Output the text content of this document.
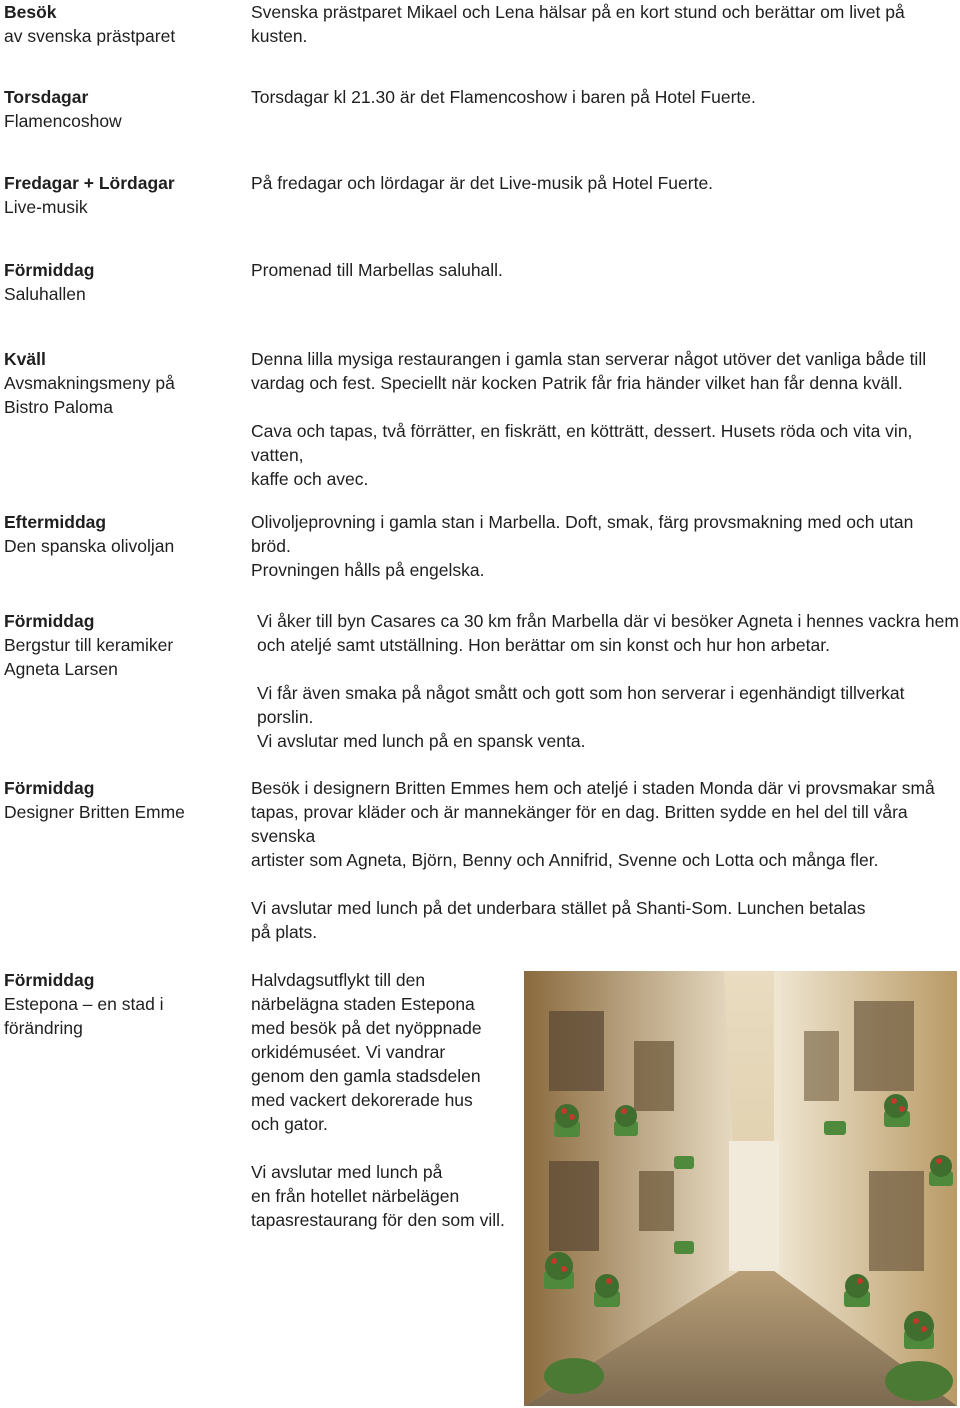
Besök
av svenska prästparet

Svenska prästparet Mikael och Lena hälsar på en kort stund och berättar om livet på kusten.

Torsdagar
Flamencoshow

Torsdagar kl 21.30 är det Flamencoshow i baren på Hotel Fuerte.

Fredagar + Lördagar
Live-musik

På fredagar och lördagar är det Live-musik på Hotel Fuerte.

Förmiddag
Saluhallen

Promenad till Marbellas saluhall.

Kväll
Avsmakningsmeny på
Bistro Paloma

Denna lilla mysiga restaurangen i gamla stan serverar något utöver det vanliga både till
vardag och fest. Speciellt när kocken Patrik får fria händer vilket han får denna kväll.

Cava och tapas, två förrätter, en fiskrätt, en kötträtt, dessert. Husets röda och vita vin, vatten,
kaffe och avec.

Eftermiddag
Den spanska olivoljan

Olivoljeprovning i gamla stan i Marbella. Doft, smak, färg provsmakning med och utan bröd.
Provningen hålls på engelska.

Förmiddag
Bergstur till keramiker
Agneta Larsen

Vi åker till byn Casares ca 30 km från Marbella där vi besöker Agneta i hennes vackra hem
och ateljé samt utställning. Hon berättar om sin konst och hur hon arbetar.

Vi får även smaka på något smått och gott som hon serverar i egenhändigt tillverkat porslin.
Vi avslutar med lunch på en spansk venta.

Förmiddag
Designer Britten Emme

Besök i designern Britten Emmes hem och ateljé i staden Monda där vi provsmakar små
tapas, provar kläder och är mannekänger för en dag. Britten sydde en hel del till våra svenska
artister som Agneta, Björn, Benny och Annifrid, Svenne och Lotta och många fler.

Vi avslutar med lunch på det underbara stället på Shanti-Som. Lunchen betalas
på plats.

Förmiddag
Estepona – en stad i
förändring

Halvdagsutflykt till den
närbelägna staden Estepona
med besök på det nyöppnade
orkidémuséet. Vi vandrar
genom den gamla stadsdelen
med vackert dekorerade hus
och gator.

Vi avslutar med lunch på
en från hotellet närbelägen
tapasrestaurang för den som vill.
